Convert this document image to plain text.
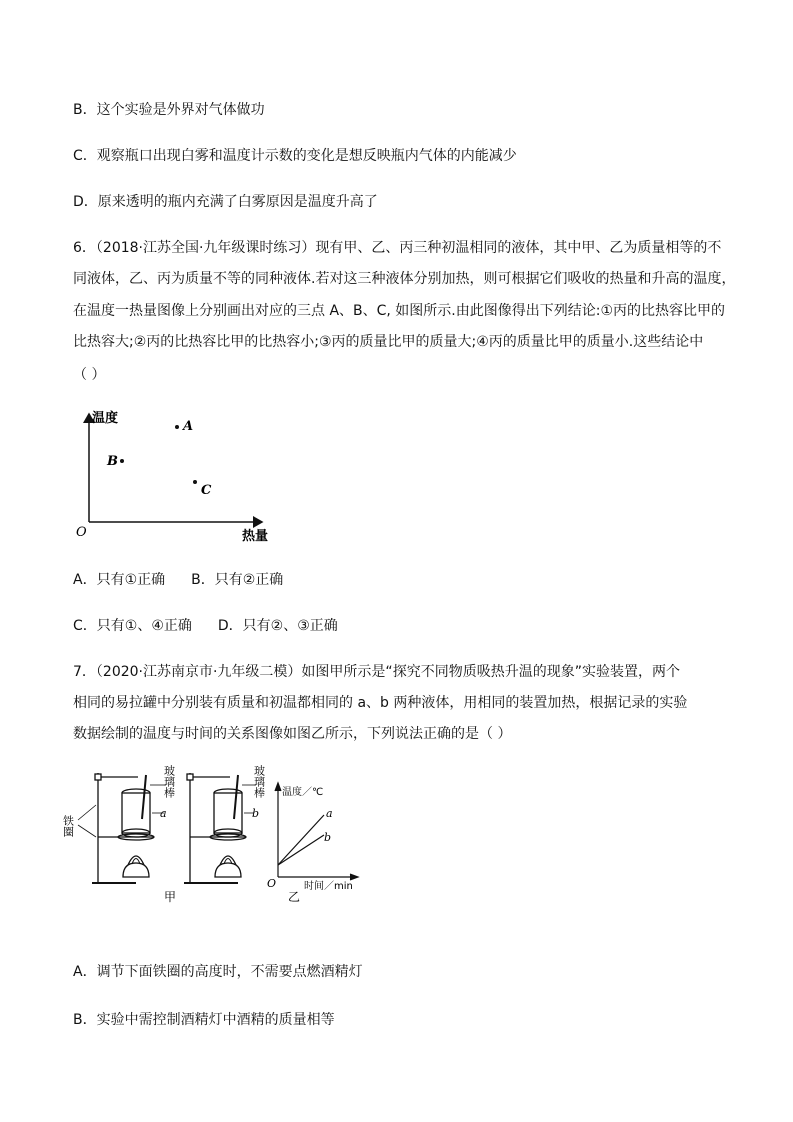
B．这个实验是外界对气体做功
C．观察瓶口出现白雾和温度计示数的变化是想反映瓶内气体的内能减少
D．原来透明的瓶内充满了白雾原因是温度升高了
6．（2018·江苏全国·九年级课时练习）现有甲、乙、丙三种初温相同的液体，其中甲、乙为质量相等的不
同液体，乙、丙为质量不等的同种液体.若对这三种液体分别加热，则可根据它们吸收的热量和升高的温度，
在温度一热量图像上分别画出对应的三点 A、B、C, 如图所示.由此图像得出下列结论:①丙的比热容比甲的
比热容大;②丙的比热容比甲的比热容小;③丙的质量比甲的质量大;④丙的质量比甲的质量小.这些结论中
（ ）
温度
热量
O
A
B
C
A．只有①正确 B．只有②正确
C．只有①、④正确 D．只有②、③正确
7．（2020·江苏南京市·九年级二模）如图甲所示是“探究不同物质吸热升温的现象”实验装置，两个
相同的易拉罐中分别装有质量和初温都相同的 a、b 两种液体，用相同的装置加热，根据记录的实验
数据绘制的温度与时间的关系图像如图乙所示，下列说法正确的是（ ）
玻璃棒
a
铁圈
玻璃棒
b
甲
温度／℃
时间／min
O
a
b
乙
A．调节下面铁圈的高度时，不需要点燃酒精灯
B．实验中需控制酒精灯中酒精的质量相等
